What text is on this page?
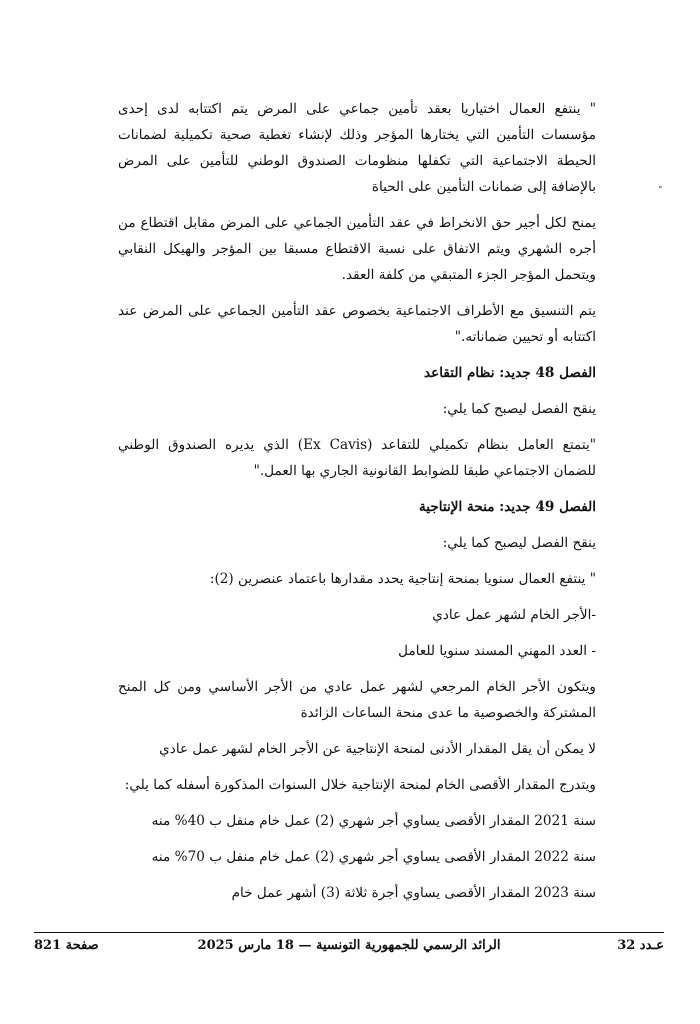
" ينتفع العمال اختياريا بعقد تأمين جماعي على المرض يتم اكتتابه لدى إحدى مؤسسات التأمين التي يختارها المؤجر وذلك لإنشاء تغطية صحية تكميلية لضمانات الحيطة الاجتماعية التي تكفلها منظومات الصندوق الوطني للتأمين على المرض بالإضافة إلى ضمانات التأمين على الحياة

يمنح لكل أجير حق الانخراط في عقد التأمين الجماعي على المرض مقابل اقتطاع من أجره الشهري ويتم الاتفاق على نسبة الاقتطاع مسبقا بين المؤجر والهيكل النقابي ويتحمل المؤجر الجزء المتبقي من كلفة العقد.

يتم التنسيق مع الأطراف الاجتماعية بخصوص عقد التأمين الجماعي على المرض عند اكتتابه أو تحيين ضماناته."

الفصل 48 جديد: نظام التقاعد

ينقح الفصل ليصبح كما يلي:

"يتمتع العامل بنظام تكميلي للتقاعد (Ex Cavis) الذي يديره الصندوق الوطني للضمان الاجتماعي طبقا للضوابط القانونية الجاري بها العمل."

الفصل 49 جديد: منحة الإنتاجية

ينقح الفصل ليصبح كما يلي:

" ينتفع العمال سنويا بمنحة إنتاجية يحدد مقدارها باعتماد عنصرين (2):

-الأجر الخام لشهر عمل عادي

- العدد المهني المسند سنويا للعامل

ويتكون الأجر الخام المرجعي لشهر عمل عادي من الأجر الأساسي ومن كل المنح المشتركة والخصوصية ما عدى منحة الساعات الزائدة

لا يمكن أن يقل المقدار الأدنى لمنحة الإنتاجية عن الأجر الخام لشهر عمل عادي

ويتدرج المقدار الأقصى الخام لمنحة الإنتاجية خلال السنوات المذكورة أسفله كما يلي:

سنة 2021 المقدار الأقصى يساوي أجر شهري (2) عمل خام منفل ب 40% منه

سنة 2022 المقدار الأقصى يساوي أجر شهري (2) عمل خام منفل ب 70% منه

سنة 2023 المقدار الأقصى يساوي أجرة ثلاثة (3) أشهر عمل خام

صفحة 821	الرائد الرسمي للجمهورية التونسية — 18 مارس 2025	عـدد 32
